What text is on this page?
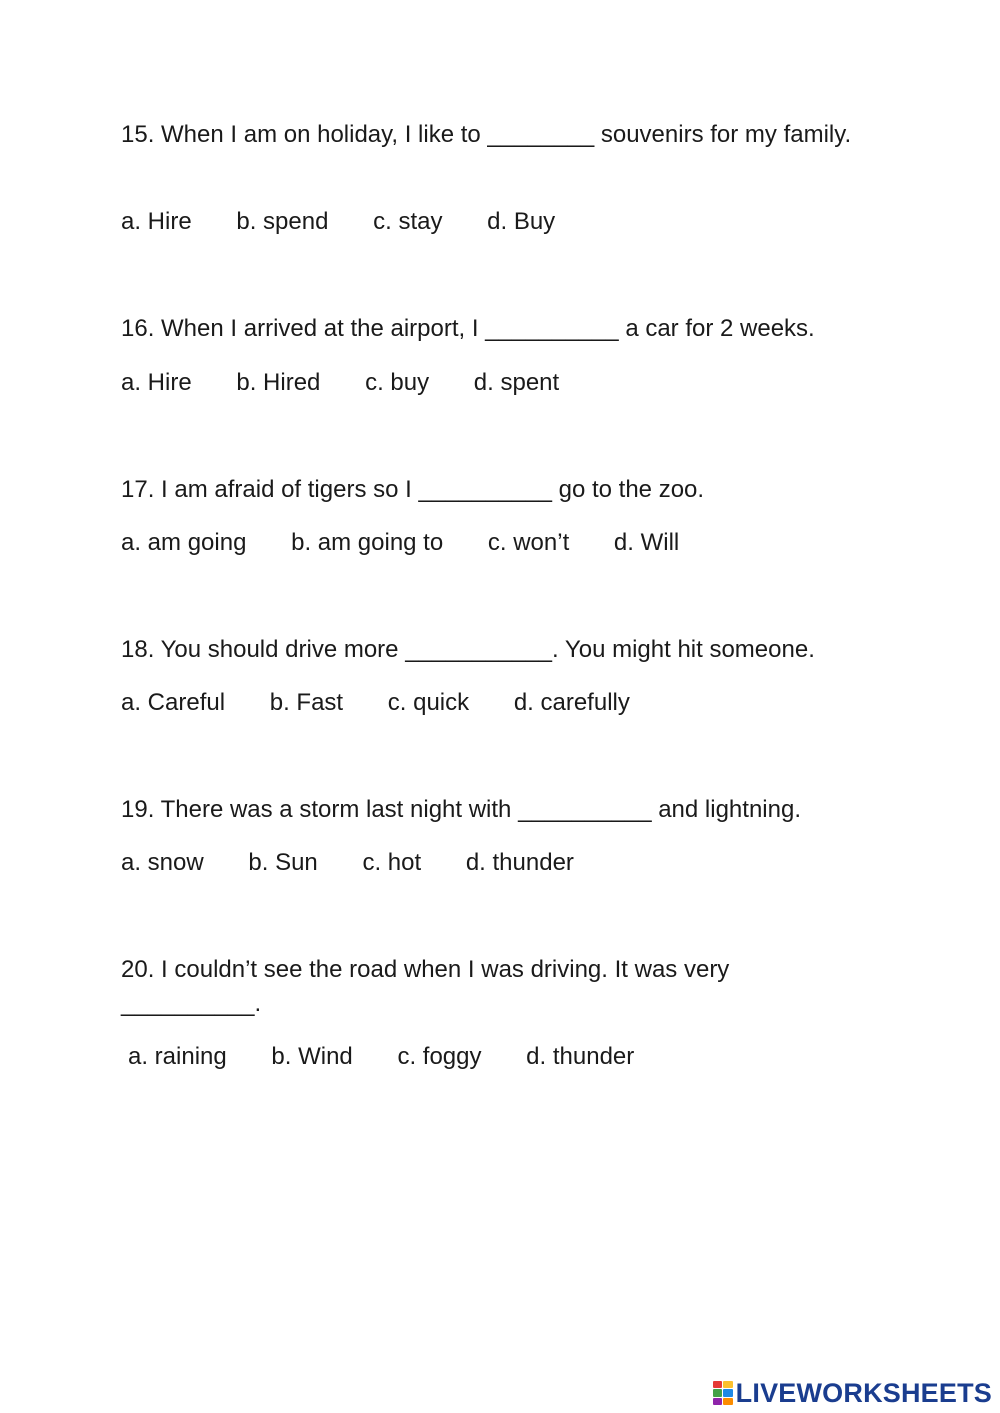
15. When I am on holiday, I like to ________ souvenirs for my family.

a. Hire b. spend c. stay d. Buy

16. When I arrived at the airport, I __________ a car for 2 weeks.

a. Hire b. Hired c. buy d. spent

17. I am afraid of tigers so I __________ go to the zoo.

a. am going b. am going to c. won’t d. Will

18. You should drive more ___________. You might hit someone.

a. Careful b. Fast c. quick d. carefully

19. There was a storm last night with __________ and lightning.

a. snow b. Sun c. hot d. thunder

20. I couldn’t see the road when I was driving. It was very __________.

a. raining b. Wind c. foggy d. thunder
LIVEWORKSHEETS
